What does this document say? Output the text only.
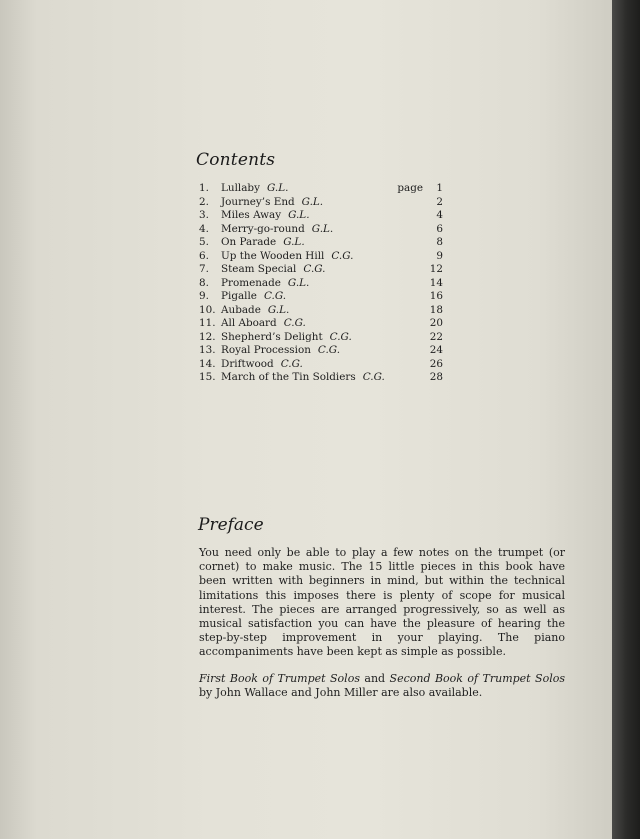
Contents
1. Lullaby G.L.	page 1
2. Journey’s End G.L.	2
3. Miles Away G.L.	4
4. Merry-go-round G.L.	6
5. On Parade G.L.	8
6. Up the Wooden Hill C.G.	9
7. Steam Special C.G.	12
8. Promenade G.L.	14
9. Pigalle C.G.	16
10. Aubade G.L.	18
11. All Aboard C.G.	20
12. Shepherd’s Delight C.G.	22
13. Royal Procession C.G.	24
14. Driftwood C.G.	26
15. March of the Tin Soldiers C.G.	28
Preface

You need only be able to play a few notes on the trumpet (or cornet) to make music. The 15 little pieces in this book have been written with beginners in mind, but within the technical limitations this imposes there is plenty of scope for musical interest. The pieces are arranged progressively, so as well as musical satisfaction you can have the pleasure of hearing the step-by-step improvement in your playing. The piano accompaniments have been kept as simple as possible.

First Book of Trumpet Solos and Second Book of Trumpet Solos by John Wallace and John Miller are also available.
